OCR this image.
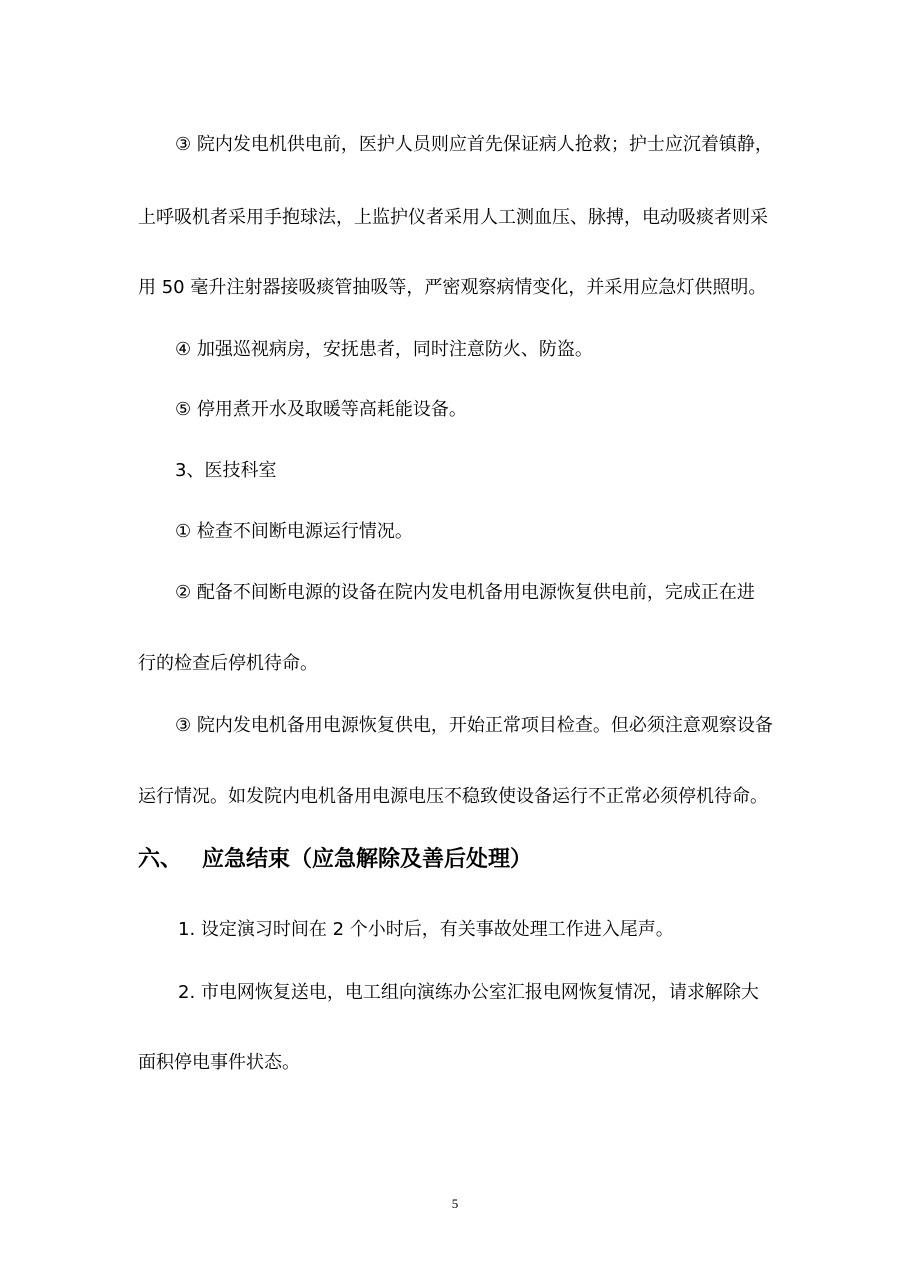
③ 院内发电机供电前，医护人员则应首先保证病人抢救；护士应沉着镇静，
上呼吸机者采用手抱球法，上监护仪者采用人工测血压、脉搏，电动吸痰者则采
用 50 毫升注射器接吸痰管抽吸等，严密观察病情变化，并采用应急灯供照明。
④ 加强巡视病房，安抚患者，同时注意防火、防盗。
⑤ 停用煮开水及取暖等高耗能设备。
3、医技科室
① 检查不间断电源运行情况。
② 配备不间断电源的设备在院内发电机备用电源恢复供电前，完成正在进
行的检查后停机待命。
③ 院内发电机备用电源恢复供电，开始正常项目检查。但必须注意观察设备
运行情况。如发院内电机备用电源电压不稳致使设备运行不正常必须停机待命。
六、 应急结束（应急解除及善后处理）
1. 设定演习时间在 2 个小时后，有关事故处理工作进入尾声。
2. 市电网恢复送电，电工组向演练办公室汇报电网恢复情况，请求解除大
面积停电事件状态。
5
